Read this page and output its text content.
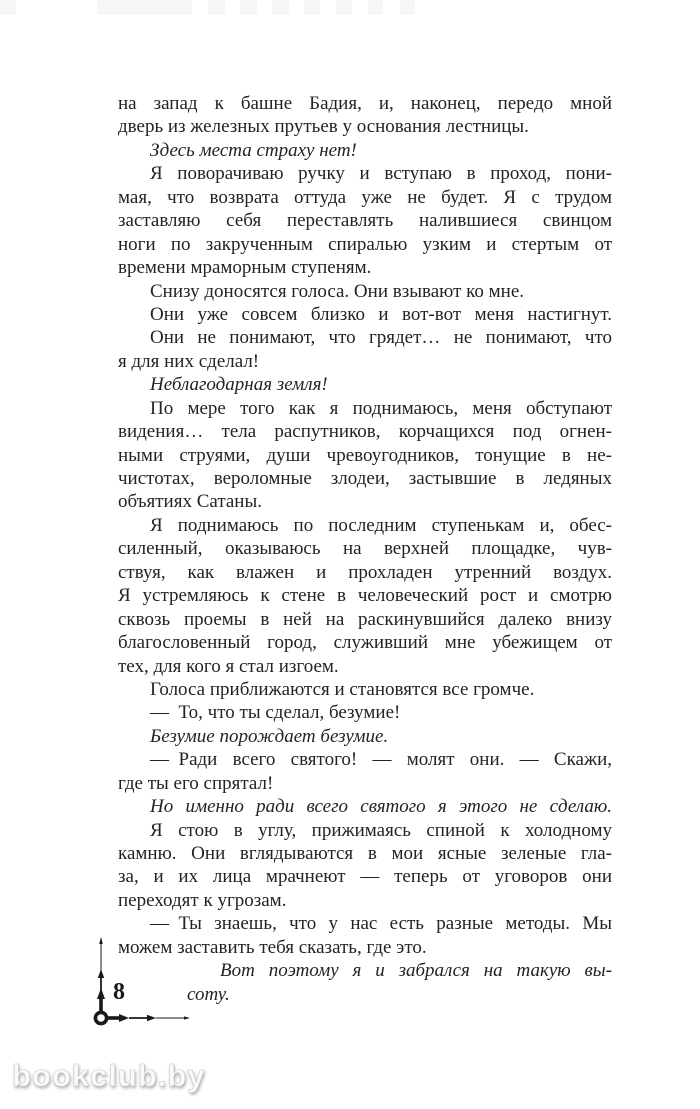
на запад к башне Бадия, и, наконец, передо мной
дверь из железных прутьев у основания лестницы.
Здесь места страху нет!
Я поворачиваю ручку и вступаю в проход, пони-
мая, что возврата оттуда уже не будет. Я с трудом
заставляю себя переставлять налившиеся свинцом
ноги по закрученным спиралью узким и стертым от
времени мраморным ступеням.
Снизу доносятся голоса. Они взывают ко мне.
Они уже совсем близко и вот-вот меня настигнут.
Они не понимают, что грядет… не понимают, что
я для них сделал!
Неблагодарная земля!
По мере того как я поднимаюсь, меня обступают
видения… тела распутников, корчащихся под огнен-
ными струями, души чревоугодников, тонущие в не-
чистотах, вероломные злодеи, застывшие в ледяных
объятиях Сатаны.
Я поднимаюсь по последним ступенькам и, обес-
силенный, оказываюсь на верхней площадке, чув-
ствуя, как влажен и прохладен утренний воздух.
Я устремляюсь к стене в человеческий рост и смотрю
сквозь проемы в ней на раскинувшийся далеко внизу
благословенный город, служивший мне убежищем от
тех, для кого я стал изгоем.
Голоса приближаются и становятся все громче.
— То, что ты сделал, безумие!
Безумие порождает безумие.
— Ради всего святого! — молят они. — Скажи,
где ты его спрятал!
Но именно ради всего святого я этого не сделаю.
Я стою в углу, прижимаясь спиной к холодному
камню. Они вглядываются в мои ясные зеленые гла-
за, и их лица мрачнеют — теперь от уговоров они
переходят к угрозам.
— Ты знаешь, что у нас есть разные методы. Мы
можем заставить тебя сказать, где это.
Вот поэтому я и забрался на такую вы-
соту.
8
bookclub.by
